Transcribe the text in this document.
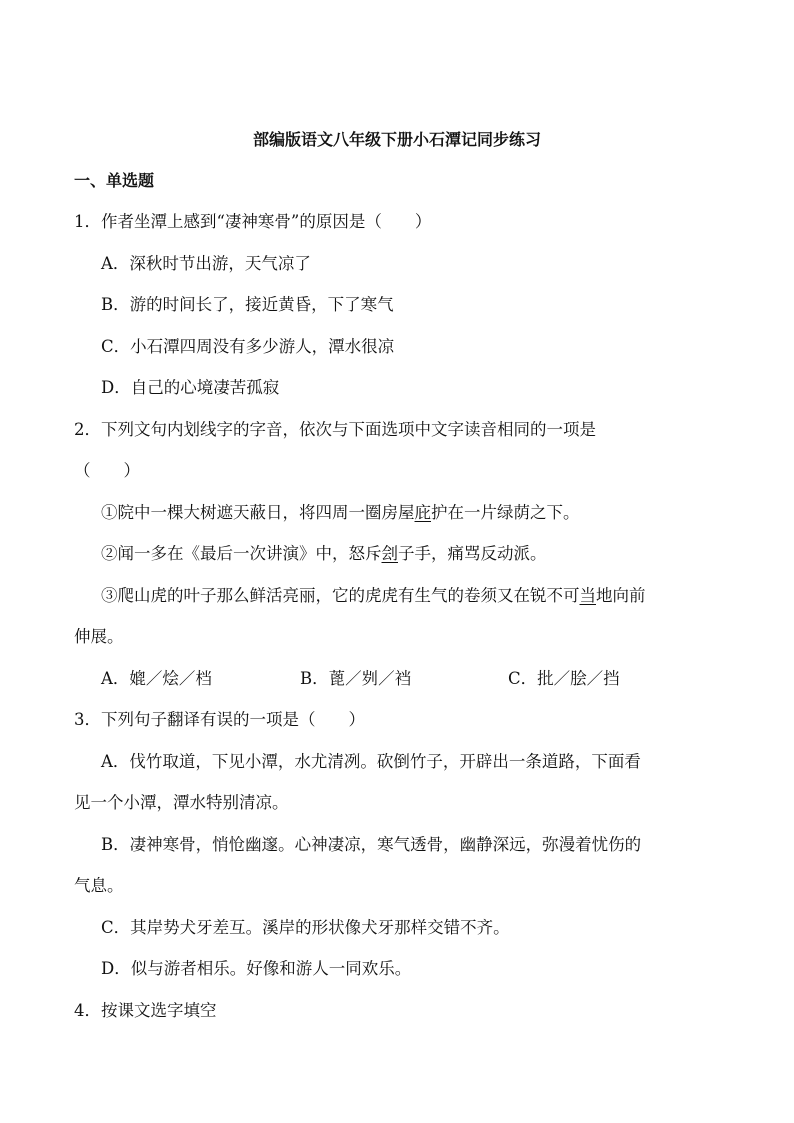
部编版语文八年级下册小石潭记同步练习
一、单选题
1．作者坐潭上感到“凄神寒骨”的原因是（　　）
A．深秋时节出游，天气凉了
B．游的时间长了，接近黄昏，下了寒气
C．小石潭四周没有多少游人，潭水很凉
D．自己的心境凄苦孤寂
2．下列文句内划线字的字音，依次与下面选项中文字读音相同的一项是
（　　）
①院中一棵大树遮天蔽日，将四周一圈房屋庇护在一片绿荫之下。
②闻一多在《最后一次讲演》中，怒斥刽子手，痛骂反动派。
③爬山虎的叶子那么鲜活亮丽，它的虎虎有生气的卷须又在锐不可当地向前
伸展。
A．媲／烩／档	B．蓖／刿／裆	C．批／脍／挡
3．下列句子翻译有误的一项是（　　）
A．伐竹取道，下见小潭，水尤清冽。砍倒竹子，开辟出一条道路，下面看
见一个小潭，潭水特别清凉。
B．凄神寒骨，悄怆幽邃。心神凄凉，寒气透骨，幽静深远，弥漫着忧伤的
气息。
C．其岸势犬牙差互。溪岸的形状像犬牙那样交错不齐。
D．似与游者相乐。好像和游人一同欢乐。
4．按课文选字填空
